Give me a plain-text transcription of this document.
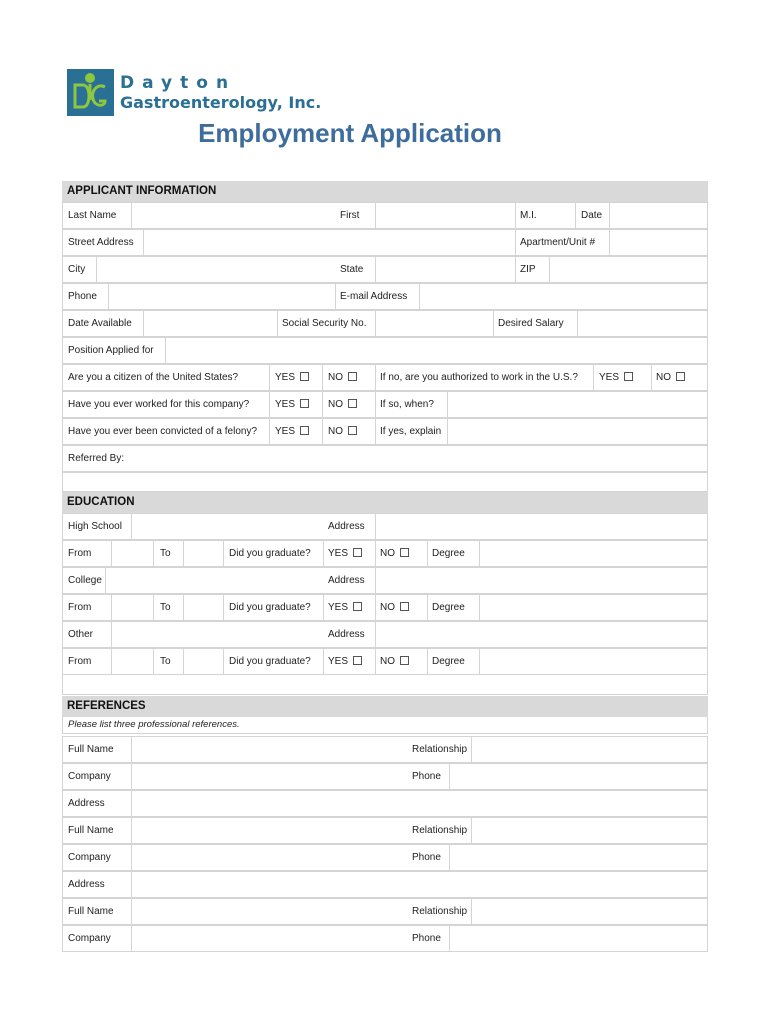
Dayton
Gastroenterology, Inc.
Employment Application
APPLICANT INFORMATION
Last Name	First	M.I.	Date
Street Address	Apartment/Unit #
City	State	ZIP
Phone	E-mail Address
Date Available	Social Security No.	Desired Salary
Position Applied for
Are you a citizen of the United States?	YES	NO	If no, are you authorized to work in the U.S.? YES	NO
Have you ever worked for this company?	YES	NO	If so, when?
Have you ever been convicted of a felony? YES	NO	If yes, explain
Referred By:
EDUCATION
High School	Address
From	To	Did you graduate? YES	NO	Degree
College	Address
From	To	Did you graduate? YES	NO	Degree
Other	Address
From	To	Did you graduate? YES	NO	Degree
REFERENCES
Please list three professional references.
Full Name	Relationship
Company	Phone
Address
Full Name	Relationship
Company	Phone
Address
Full Name	Relationship
Company	Phone
